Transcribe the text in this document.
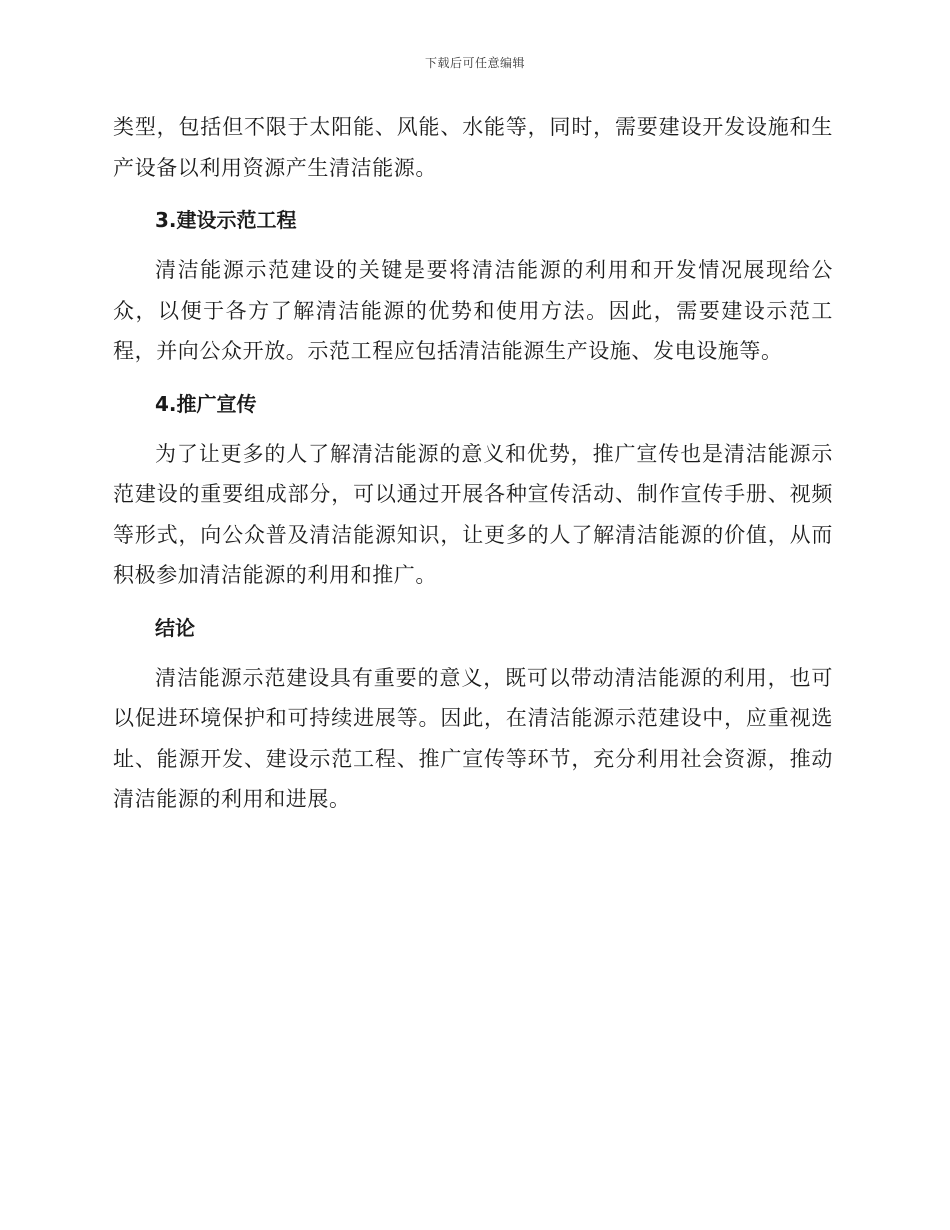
下载后可任意编辑

类型，包括但不限于太阳能、风能、水能等，同时，需要建设开发设施和生产设备以利用资源产生清洁能源。

3.建设示范工程

清洁能源示范建设的关键是要将清洁能源的利用和开发情况展现给公众，以便于各方了解清洁能源的优势和使用方法。因此，需要建设示范工程，并向公众开放。示范工程应包括清洁能源生产设施、发电设施等。

4.推广宣传

为了让更多的人了解清洁能源的意义和优势，推广宣传也是清洁能源示范建设的重要组成部分，可以通过开展各种宣传活动、制作宣传手册、视频等形式，向公众普及清洁能源知识，让更多的人了解清洁能源的价值，从而积极参加清洁能源的利用和推广。

结论

清洁能源示范建设具有重要的意义，既可以带动清洁能源的利用，也可以促进环境保护和可持续进展等。因此，在清洁能源示范建设中，应重视选址、能源开发、建设示范工程、推广宣传等环节，充分利用社会资源，推动清洁能源的利用和进展。
